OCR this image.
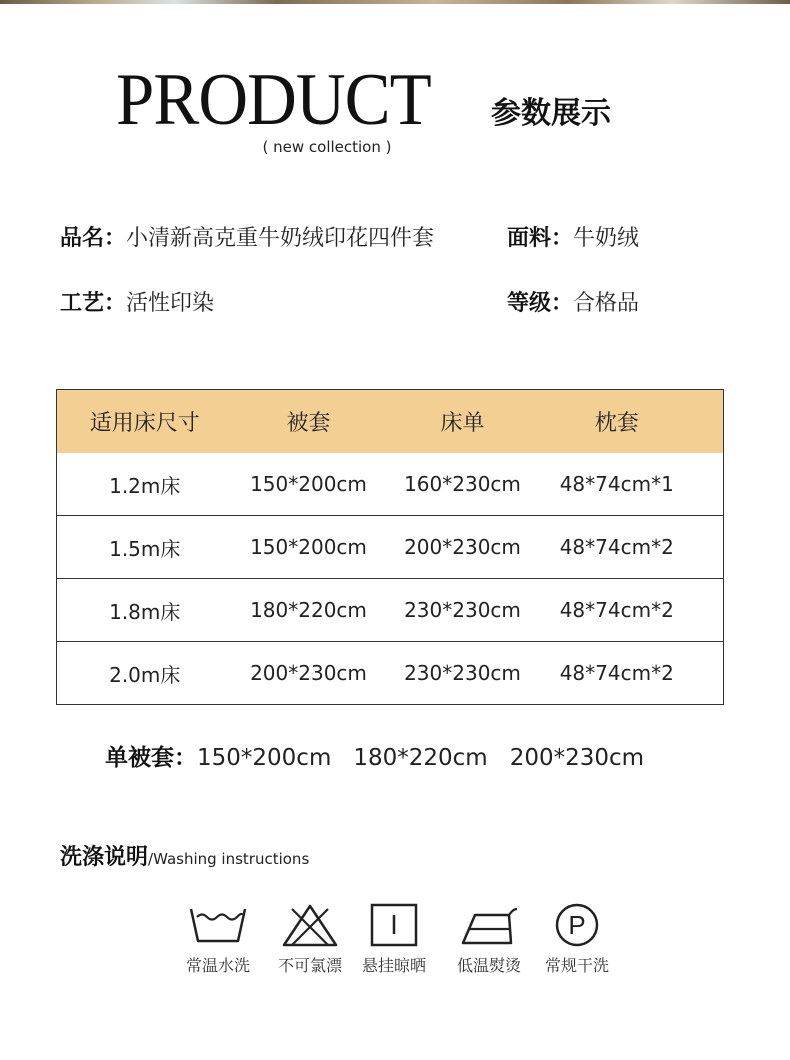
PRODUCT	参数展示
( new collection )
品名：小清新高克重牛奶绒印花四件套	面料：牛奶绒
工艺：活性印染	等级：合格品
适用床尺寸	被套	床单	枕套
1.2m床	150*200cm	160*230cm	48*74cm*1
1.5m床	150*200cm	200*230cm	48*74cm*2
1.8m床	180*220cm	230*230cm	48*74cm*2
2.0m床	200*230cm	230*230cm	48*74cm*2
单被套：150*200cm 180*220cm 200*230cm
洗涤说明/Washing instructions
常温水洗	不可氯漂	悬挂晾晒	低温熨烫
P
常规干洗
